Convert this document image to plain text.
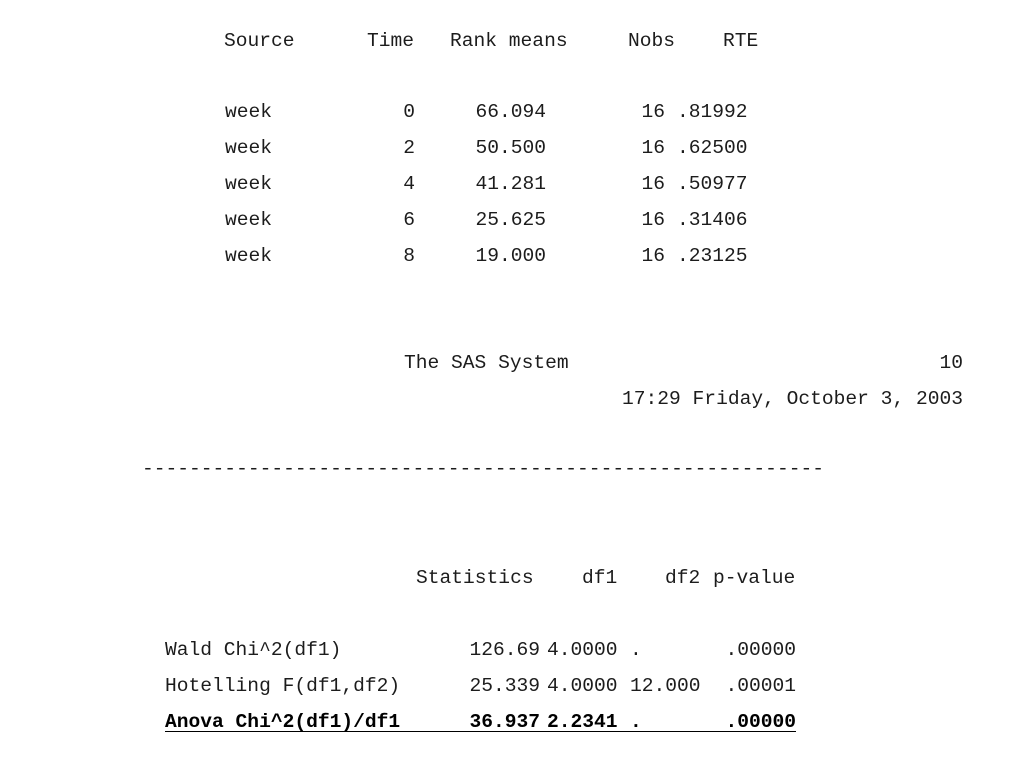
Source	Time Rank means	Nobs RTE
week	0	66.094	16 .81992
week	2	50.500	16 .62500
week	4	41.281	16 .50977
week	6	25.625	16 .31406
week	8	19.000	16 .23125
The SAS System	10
17:29 Friday, October 3, 2003
----------------------------------------------------------
Statistics df1 df2 p-value
Wald Chi^2(df1)	126.69 4.0000 .	.00000
Hotelling F(df1,df2)	25.339 4.0000 12.000 .00001
Anova Chi^2(df1)/df1	36.937 2.2341 .	.00000
